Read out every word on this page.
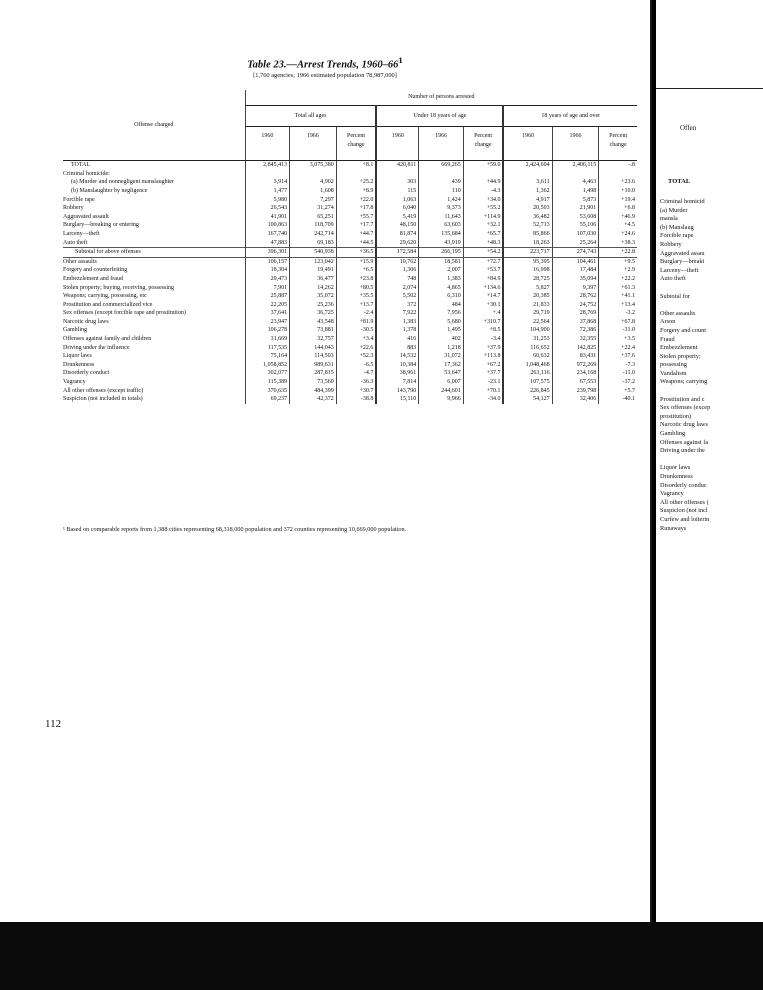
Table 23.—Arrest Trends, $1960-66^1$
[1,760 agencies; 1966 estimated population 78,987,000]
Offense charged	Number of persons arrested								
	Total all ages			Under 18 years of age			18 years of age and over		
	1960	1966	Percent change	1960	1966	Percent change	1960	1966	Percent change
TOTAL	2,845,413	3,075,380	+8.1	420,811	669,265	+59.0	2,424,604	2,406,115	-.8
Criminal homicide:									
(a) Murder and nonnegligent manslaughter	3,914	4,902	+25.2	303	439	+44.9	3,611	4,463	+23.6
(b) Manslaughter by negligence	1,477	1,608	+8.9	115	110	-4.3	1,362	1,498	+10.0
Forcible rape	5,980	7,297	+22.0	1,063	1,424	+34.0	4,917	5,873	+19.4
Robbery	26,543	31,274	+17.8	6,040	9,373	+55.2	20,503	21,901	+6.8
Aggravated assault	41,901	65,251	+55.7	5,419	11,643	+114.9	36,482	53,608	+46.9
Burglary—breaking or entering	100,863	118,709	+17.7	48,150	63,603	+32.1	52,713	55,106	+4.5
Larceny—theft	167,740	242,714	+44.7	81,874	135,684	+65.7	85,866	107,030	+24.6
Auto theft	47,883	69,183	+44.5	29,620	43,919	+48.3	18,263	25,264	+38.3
Subtotal for above offenses	396,301	540,938	+36.5	172,584	266,195	+54.2	223,717	274,743	+22.8
Other assaults	106,157	123,042	+15.9	10,762	18,581	+72.7	95,395	104,461	+9.5
Forgery and counterfeiting	18,304	19,491	+6.5	1,306	2,007	+53.7	16,998	17,484	+2.9
Embezzlement and fraud	29,473	36,477	+23.8	748	1,383	+84.9	28,725	35,094	+22.2
Stolen property; buying, receiving, possessing	7,901	14,262	+80.5	2,074	4,865	+134.6	5,827	9,397	+61.3
Weapons; carrying, possessing, etc	25,887	35,072	+35.5	5,502	6,310	+14.7	20,385	28,762	+41.1
Prostitution and commercialized vice	22,205	25,236	+13.7	372	484	+30.1	21,833	24,752	+13.4
Sex offenses (except forcible rape and prostitution)	37,641	36,725	-2.4	7,922	7,956	+.4	29,719	28,769	-3.2
Narcotic drug laws	23,947	43,548	+81.9	1,383	5,680	+310.7	22,564	37,868	+67.8
Gambling	106,278	73,881	-30.5	1,378	1,495	+8.5	104,900	72,386	-31.0
Offenses against family and children	31,669	32,757	+3.4	416	402	-3.4	31,253	32,355	+3.5
Driving under the influence	117,535	144,043	+22.6	883	1,218	+37.9	116,652	142,825	+22.4
Liquor laws	75,164	114,503	+52.3	14,532	31,072	+113.8	60,632	83,431	+37.6
Drunkenness	1,058,852	989,631	-6.5	10,384	17,362	+67.2	1,048,468	972,269	-7.3
Disorderly conduct	302,077	287,815	-4.7	38,961	53,647	+37.7	263,116	234,168	-11.0
Vagrancy	115,389	73,560	-36.3	7,814	6,007	-23.1	107,575	67,553	-37.2
All other offenses (except traffic)	370,635	484,399	+30.7	143,790	244,601	+70.1	226,845	239,798	+5.7
Suspicion (not included in totals)	69,237	42,372	-38.8	15,110	9,966	-34.0	54,127	32,406	-40.1
¹ Based on comparable reports from 1,388 cities representing 68,318,000 population and 372 counties representing 10,669,000 population.
112
Offen
TOTAL
Criminal homicid
(a) Murder
mansla
(b) Manslaug
Forcible rape
Robbery
Aggravated assau
Burglary—breaki
Larceny—theft
Auto theft

Subtotal for

Other assaults
Arson
Forgery and count
Fraud
Embezzlement
Stolen property;
possessing
Vandalism
Weapons; carrying

Prostitution and c
Sex offenses (excep
prostitution)
Narcotic drug laws
Gambling
Offenses against fa
Driving under the

Liquor laws
Drunkenness
Disorderly conduc
Vagrancy
All other offenses (
Suspicion (not incl
Curfew and loiterin
Runaways
